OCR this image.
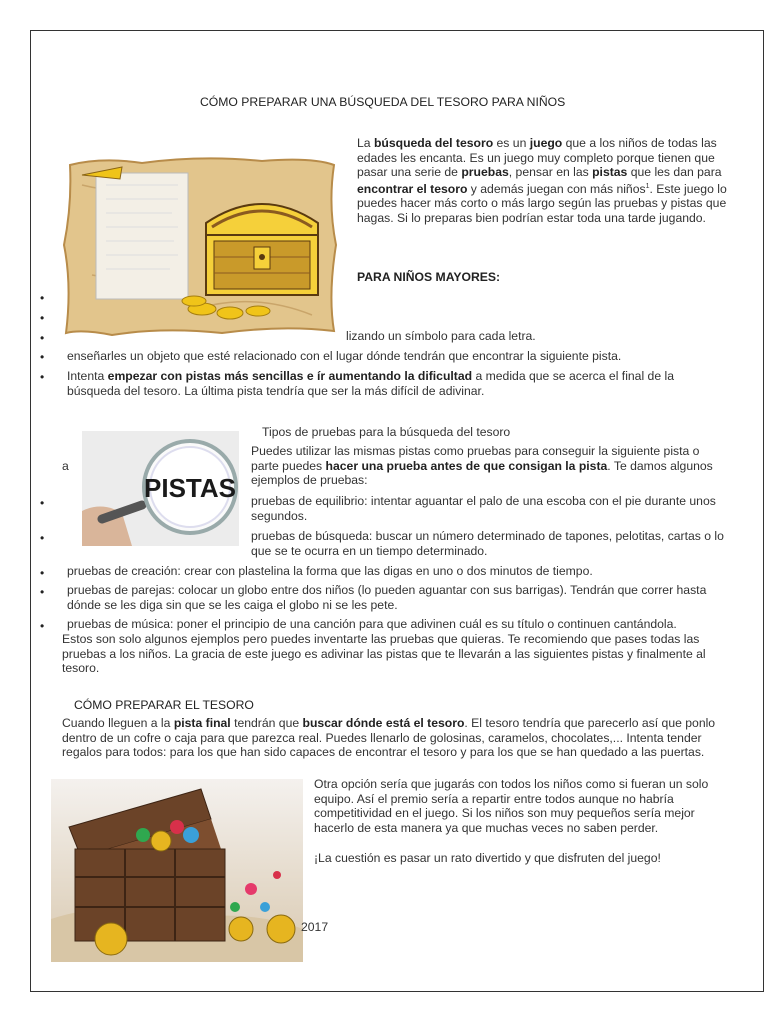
CÓMO PREPARAR UNA BÚSQUEDA DEL TESORO PARA NIÑOS
La búsqueda del tesoro es un juego que a los niños de todas las edades les encanta. Es un juego muy completo porque tienen que pasar una serie de pruebas, pensar en las pistas que les dan para encontrar el tesoro y además juegan con más niños$^1$. Este juego lo puedes hacer más corto o más largo según las pruebas y pistas que hagas. Si lo preparas bien podrían estar toda una tarde jugando.
PARA NIÑOS MAYORES:
•
•
•	lizando un símbolo para cada letra.
• enseñarles un objeto que esté relacionado con el lugar dónde tendrán que encontrar la siguiente pista.
• Intenta empezar con pistas más sencillas e ír aumentando la dificultad a medida que se acerca el final de la búsqueda del tesoro. La última pista tendría que ser la más difícil de adivinar.
Tipos de pruebas para la búsqueda del tesoro
a
PISTAS
Puedes utilizar las mismas pistas como pruebas para conseguir la siguiente pista o parte puedes hacer una prueba antes de que consigan la pista. Te damos algunos ejemplos de pruebas:
•	pruebas de equilibrio: intentar aguantar el palo de una escoba con el pie durante unos segundos.
•	pruebas de búsqueda: buscar un número determinado de tapones, pelotitas, cartas o lo que se te ocurra en un tiempo determinado.
• pruebas de creación: crear con plastelina la forma que las digas en uno o dos minutos de tiempo.
• pruebas de parejas: colocar un globo entre dos niños (lo pueden aguantar con sus barrigas). Tendrán que correr hasta dónde se les diga sin que se les caiga el globo ni se les pete.
• pruebas de música: poner el principio de una canción para que adivinen cuál es su título o continuen cantándola.
Estos son solo algunos ejemplos pero puedes inventarte las pruebas que quieras. Te recomiendo que pases todas las pruebas a los niños. La gracia de este juego es adivinar las pistas que te llevarán a las siguientes pistas y finalmente al tesoro.
CÓMO PREPARAR EL TESORO
Cuando lleguen a la pista final tendrán que buscar dónde está el tesoro. El tesoro tendría que parecerlo así que ponlo dentro de un cofre o caja para que parezca real. Puedes llenarlo de golosinas, caramelos, chocolates,... Intenta tender regalos para todos: para los que han sido capaces de encontrar el tesoro y para los que se han quedado a las puertas.
Otra opción sería que jugarás con todos los niños como si fueran un solo equipo. Así el premio sería a repartir entre todos aunque no habría competitividad en el juego. Si los niños son muy pequeños sería mejor hacerlo de esta manera ya que muchas veces no saben perder.
¡La cuestión es pasar un rato divertido y que disfruten del juego!
2017
